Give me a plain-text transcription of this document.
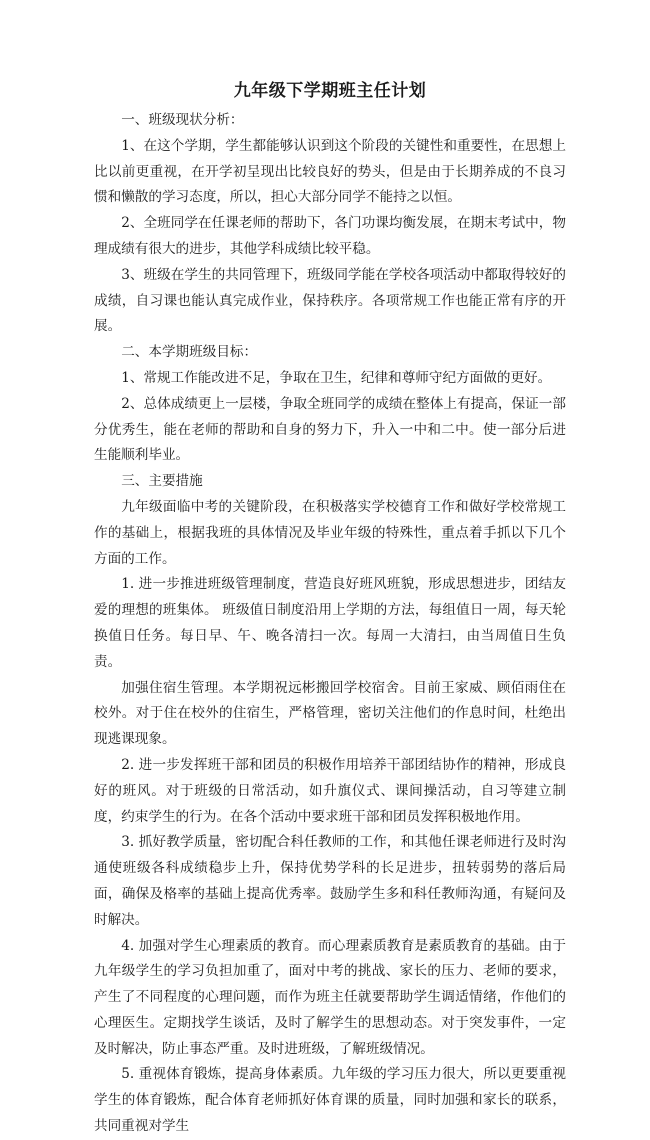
九年级下学期班主任计划

一、班级现状分析：

1、在这个学期，学生都能够认识到这个阶段的关键性和重要性，在思想上比以前更重视，在开学初呈现出比较良好的势头，但是由于长期养成的不良习惯和懒散的学习态度，所以，担心大部分同学不能持之以恒。

2、全班同学在任课老师的帮助下，各门功课均衡发展，在期末考试中，物理成绩有很大的进步，其他学科成绩比较平稳。

3、班级在学生的共同管理下，班级同学能在学校各项活动中都取得较好的成绩，自习课也能认真完成作业，保持秩序。各项常规工作也能正常有序的开展。

二、本学期班级目标：

1、常规工作能改进不足，争取在卫生，纪律和尊师守纪方面做的更好。

2、总体成绩更上一层楼，争取全班同学的成绩在整体上有提高，保证一部分优秀生，能在老师的帮助和自身的努力下，升入一中和二中。使一部分后进生能顺利毕业。

三、主要措施

九年级面临中考的关键阶段，在积极落实学校德育工作和做好学校常规工作的基础上，根据我班的具体情况及毕业年级的特殊性，重点着手抓以下几个方面的工作。

1. 进一步推进班级管理制度，营造良好班风班貌，形成思想进步，团结友爱的理想的班集体。 班级值日制度沿用上学期的方法，每组值日一周，每天轮换值日任务。每日早、午、晚各清扫一次。每周一大清扫，由当周值日生负责。

加强住宿生管理。本学期祝远彬搬回学校宿舍。目前王家威、顾佰雨住在校外。对于住在校外的住宿生，严格管理，密切关注他们的作息时间，杜绝出现逃课现象。

2. 进一步发挥班干部和团员的积极作用培养干部团结协作的精神，形成良好的班风。对于班级的日常活动，如升旗仪式、课间操活动，自习等建立制度，约束学生的行为。在各个活动中要求班干部和团员发挥积极地作用。

3. 抓好教学质量，密切配合科任教师的工作，和其他任课老师进行及时沟通使班级各科成绩稳步上升，保持优势学科的长足进步，扭转弱势的落后局面，确保及格率的基础上提高优秀率。鼓励学生多和科任教师沟通，有疑问及时解决。

4. 加强对学生心理素质的教育。而心理素质教育是素质教育的基础。由于九年级学生的学习负担加重了，面对中考的挑战、家长的压力、老师的要求，产生了不同程度的心理问题，而作为班主任就要帮助学生调适情绪，作他们的心理医生。定期找学生谈话，及时了解学生的思想动态。对于突发事件，一定及时解决，防止事态严重。及时进班级，了解班级情况。

5. 重视体育锻炼，提高身体素质。九年级的学习压力很大，所以更要重视学生的体育锻炼，配合体育老师抓好体育课的质量，同时加强和家长的联系，共同重视对学生
